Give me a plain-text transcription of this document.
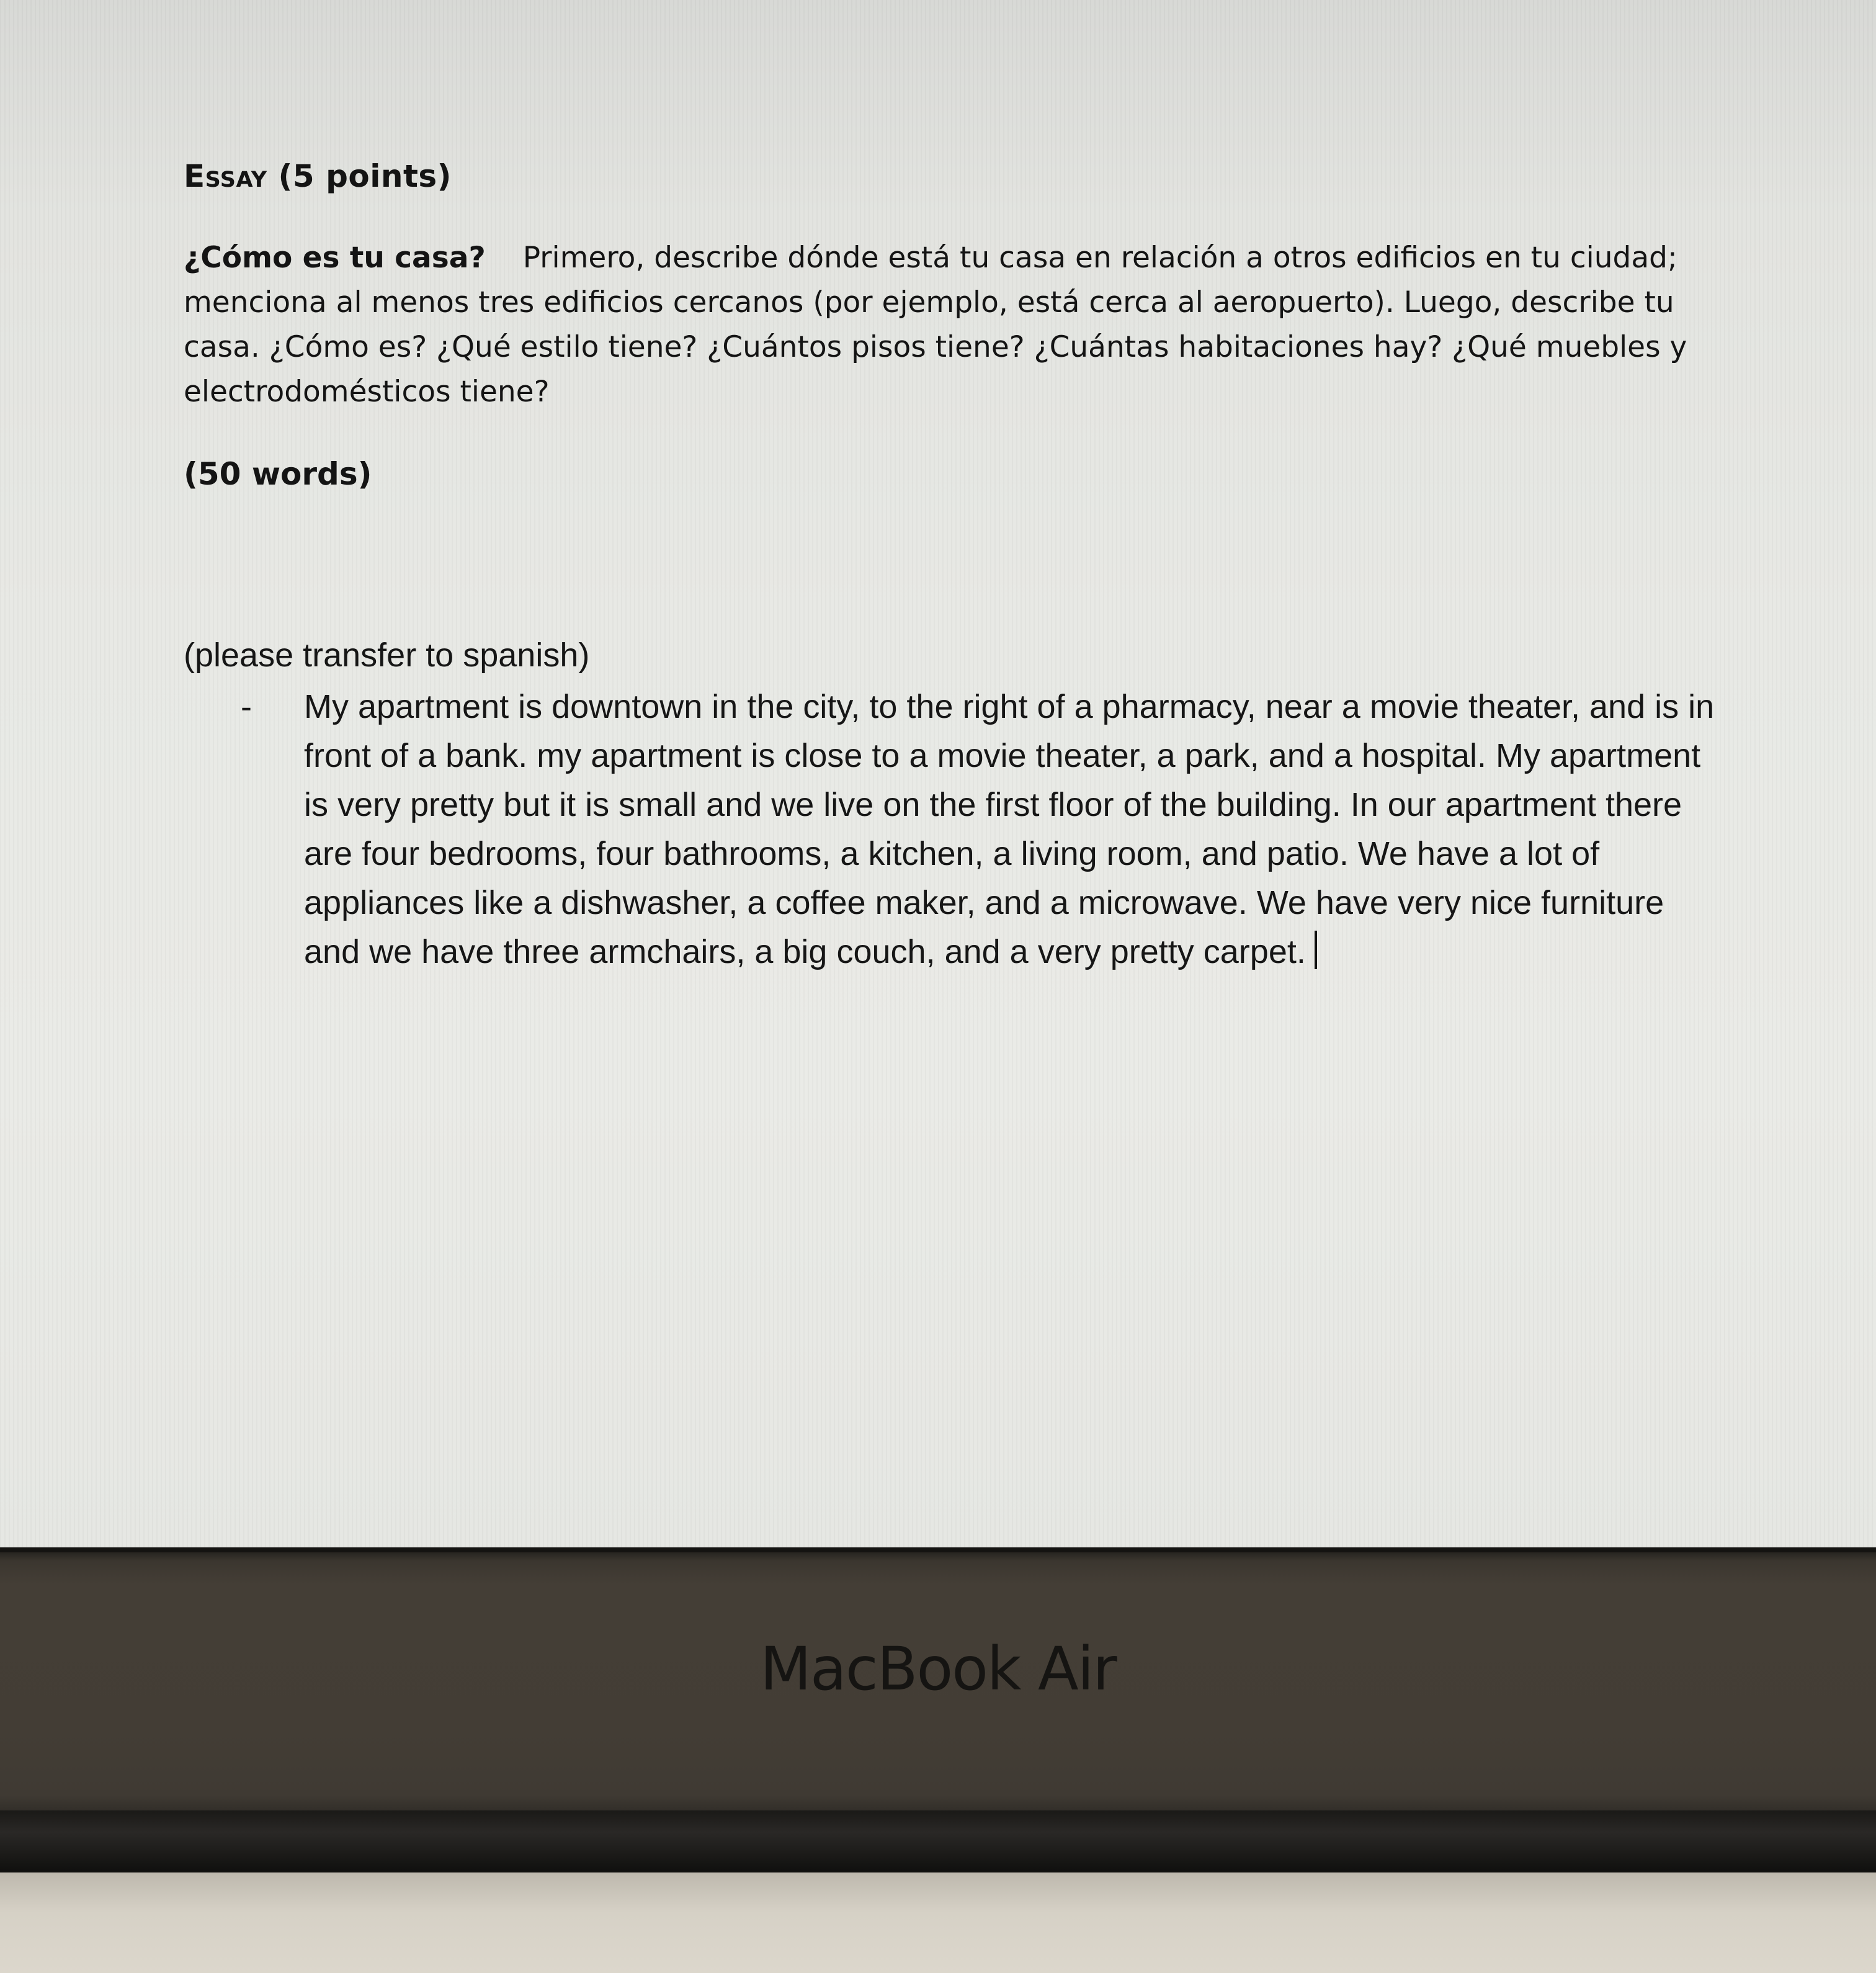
Essay (5 points)
¿Cómo es tu casa? Primero, describe dónde está tu casa en relación a otros edificios en tu ciudad; menciona al menos tres edificios cercanos (por ejemplo, está cerca al aeropuerto). Luego, describe tu casa. ¿Cómo es? ¿Qué estilo tiene? ¿Cuántos pisos tiene? ¿Cuántas habitaciones hay? ¿Qué muebles y electrodomésticos tiene?
(50 words)
(please transfer to spanish)
- My apartment is downtown in the city, to the right of a pharmacy, near a movie theater, and is in front of a bank. my apartment is close to a movie theater, a park, and a hospital. My apartment is very pretty but it is small and we live on the first floor of the building. In our apartment there are four bedrooms, four bathrooms, a kitchen, a living room, and patio. We have a lot of appliances like a dishwasher, a coffee maker, and a microwave. We have very nice furniture and we have three armchairs, a big couch, and a very pretty carpet.
MacBook Air
